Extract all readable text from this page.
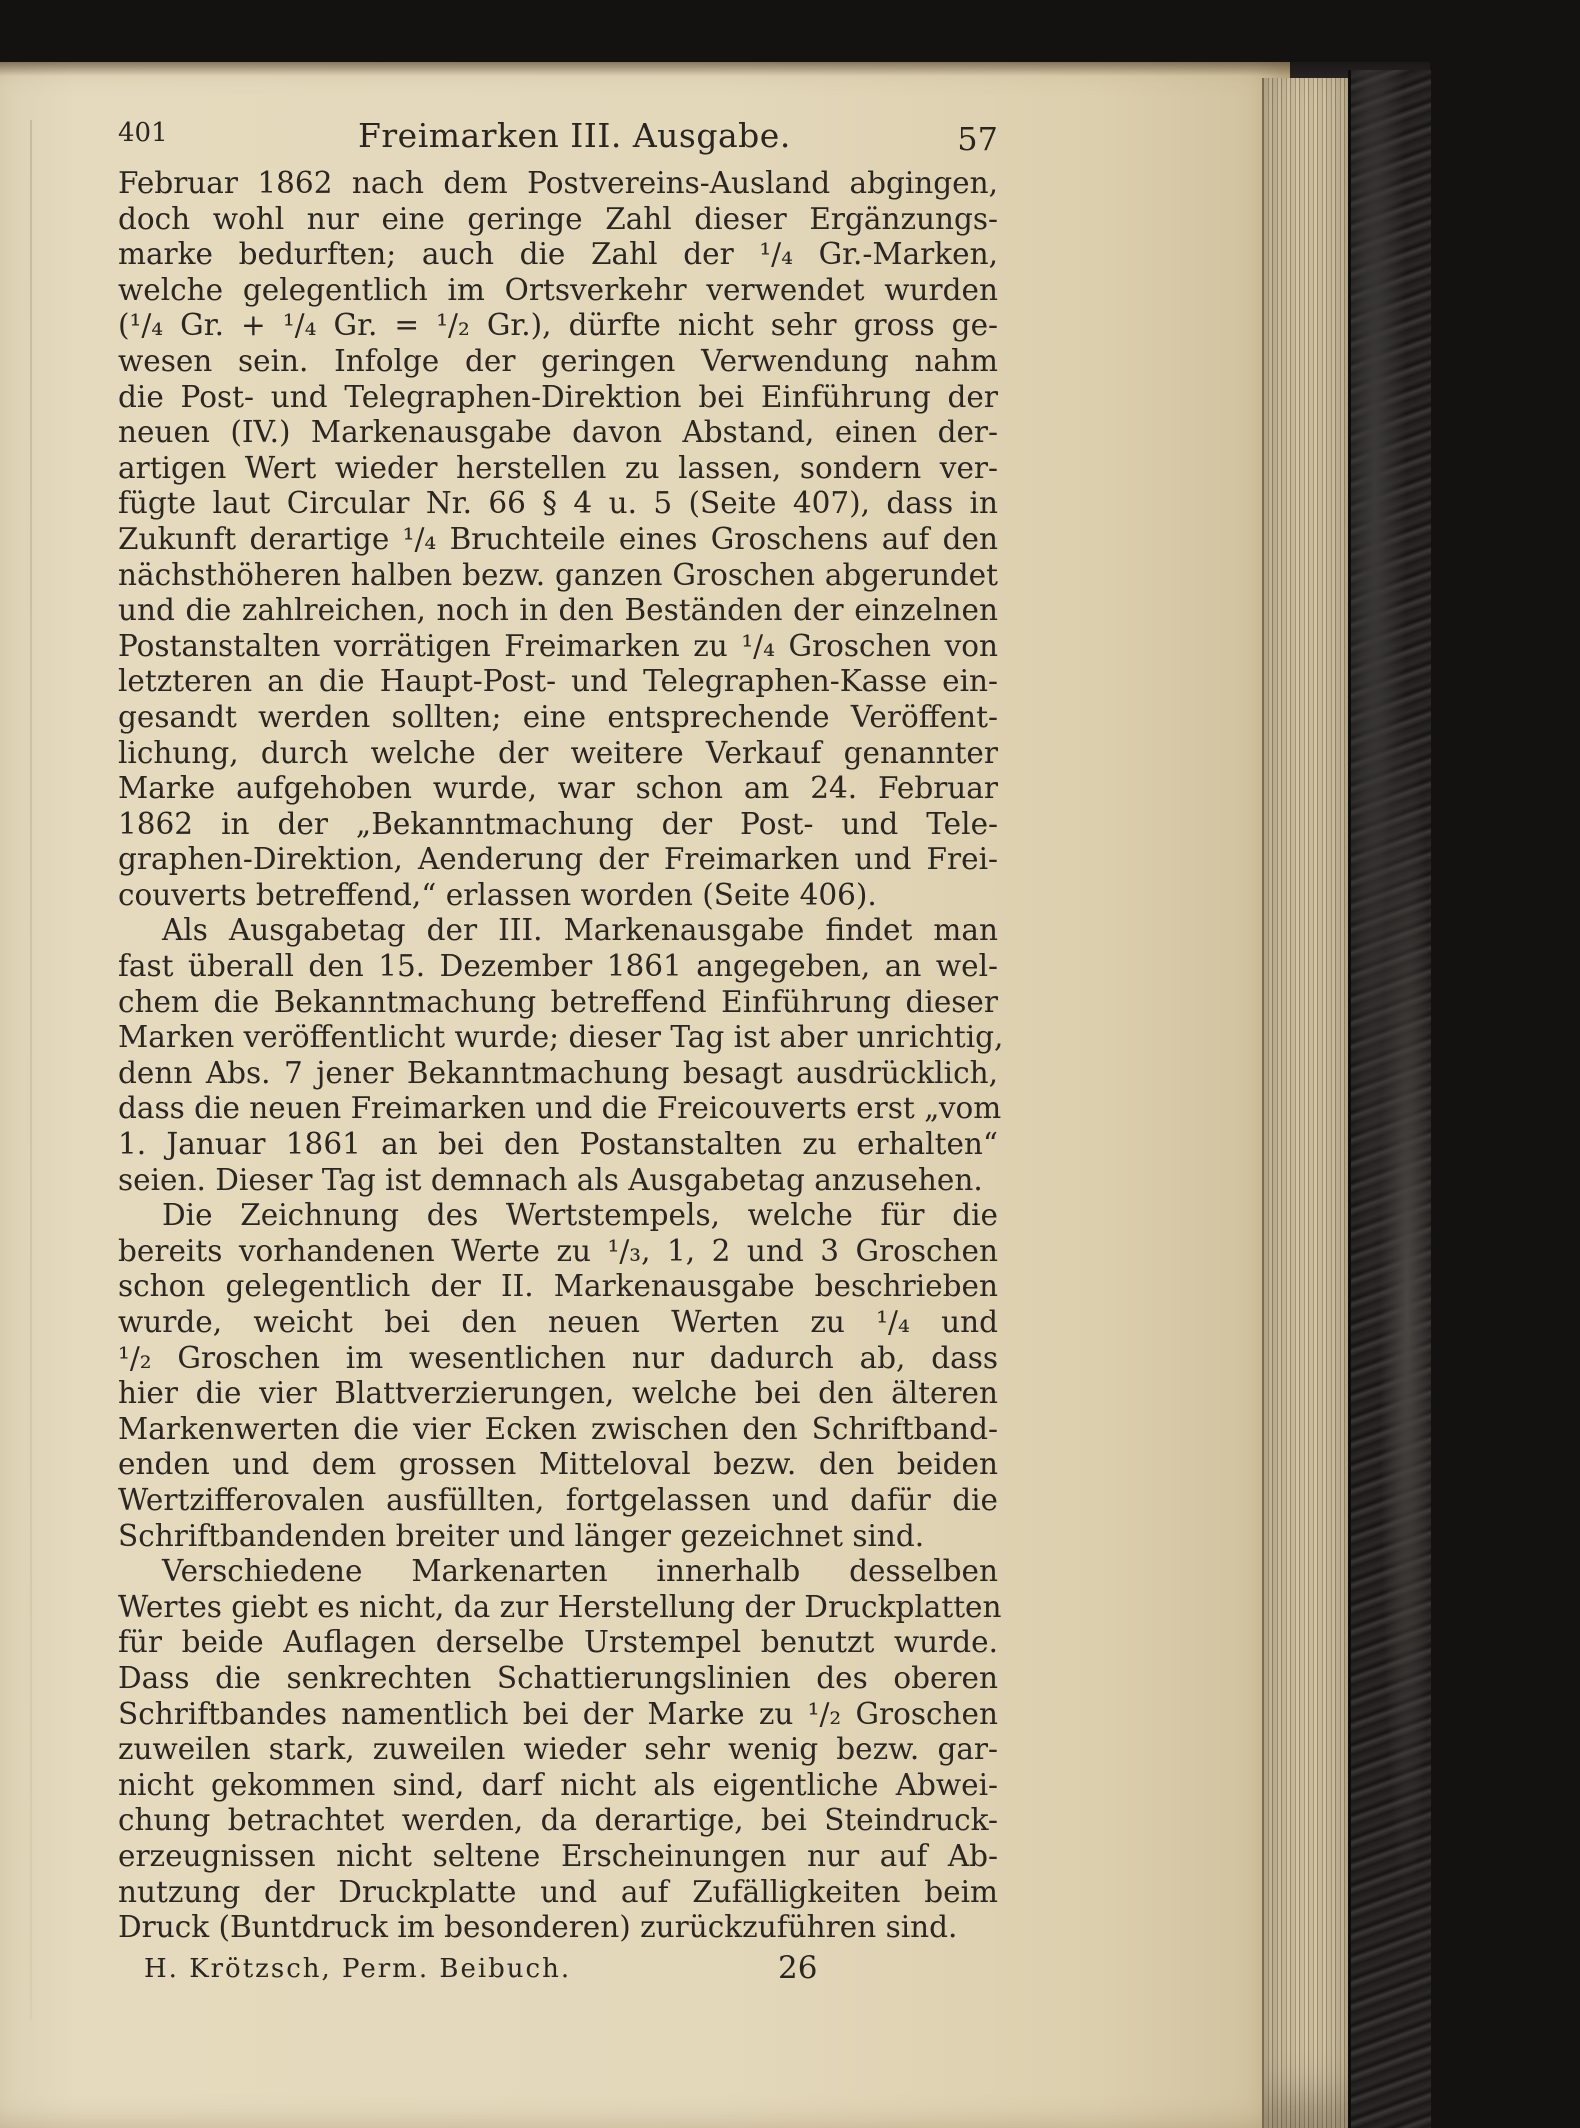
401	Freimarken III. Ausgabe.	57
Februar 1862 nach dem Postvereins-Ausland abgingen,
doch wohl nur eine geringe Zahl dieser Ergänzungs-
marke bedurften; auch die Zahl der ¹/₄ Gr.-Marken,
welche gelegentlich im Ortsverkehr verwendet wurden
(¹/₄ Gr. + ¹/₄ Gr. = ¹/₂ Gr.), dürfte nicht sehr gross ge-
wesen sein. Infolge der geringen Verwendung nahm
die Post- und Telegraphen-Direktion bei Einführung der
neuen (IV.) Markenausgabe davon Abstand, einen der-
artigen Wert wieder herstellen zu lassen, sondern ver-
fügte laut Circular Nr. 66 § 4 u. 5 (Seite 407), dass in
Zukunft derartige ¹/₄ Bruchteile eines Groschens auf den
nächsthöheren halben bezw. ganzen Groschen abgerundet
und die zahlreichen, noch in den Beständen der einzelnen
Postanstalten vorrätigen Freimarken zu ¹/₄ Groschen von
letzteren an die Haupt-Post- und Telegraphen-Kasse ein-
gesandt werden sollten; eine entsprechende Veröffent-
lichung, durch welche der weitere Verkauf genannter
Marke aufgehoben wurde, war schon am 24. Februar
1862 in der „Bekanntmachung der Post- und Tele-
graphen-Direktion, Aenderung der Freimarken und Frei-
couverts betreffend,“ erlassen worden (Seite 406).
Als Ausgabetag der III. Markenausgabe findet man
fast überall den 15. Dezember 1861 angegeben, an wel-
chem die Bekanntmachung betreffend Einführung dieser
Marken veröffentlicht wurde; dieser Tag ist aber unrichtig,
denn Abs. 7 jener Bekanntmachung besagt ausdrücklich,
dass die neuen Freimarken und die Freicouverts erst „vom
1. Januar 1861 an bei den Postanstalten zu erhalten“
seien. Dieser Tag ist demnach als Ausgabetag anzusehen.
Die Zeichnung des Wertstempels, welche für die
bereits vorhandenen Werte zu ¹/₃, 1, 2 und 3 Groschen
schon gelegentlich der II. Markenausgabe beschrieben
wurde, weicht bei den neuen Werten zu ¹/₄ und
¹/₂ Groschen im wesentlichen nur dadurch ab, dass
hier die vier Blattverzierungen, welche bei den älteren
Markenwerten die vier Ecken zwischen den Schriftband-
enden und dem grossen Mitteloval bezw. den beiden
Wertzifferovalen ausfüllten, fortgelassen und dafür die
Schriftbandenden breiter und länger gezeichnet sind.
Verschiedene Markenarten innerhalb desselben
Wertes giebt es nicht, da zur Herstellung der Druckplatten
für beide Auflagen derselbe Urstempel benutzt wurde.
Dass die senkrechten Schattierungslinien des oberen
Schriftbandes namentlich bei der Marke zu ¹/₂ Groschen
zuweilen stark, zuweilen wieder sehr wenig bezw. gar-
nicht gekommen sind, darf nicht als eigentliche Abwei-
chung betrachtet werden, da derartige, bei Steindruck-
erzeugnissen nicht seltene Erscheinungen nur auf Ab-
nutzung der Druckplatte und auf Zufälligkeiten beim
Druck (Buntdruck im besonderen) zurückzuführen sind.
H. Krötzsch, Perm. Beibuch.	26
